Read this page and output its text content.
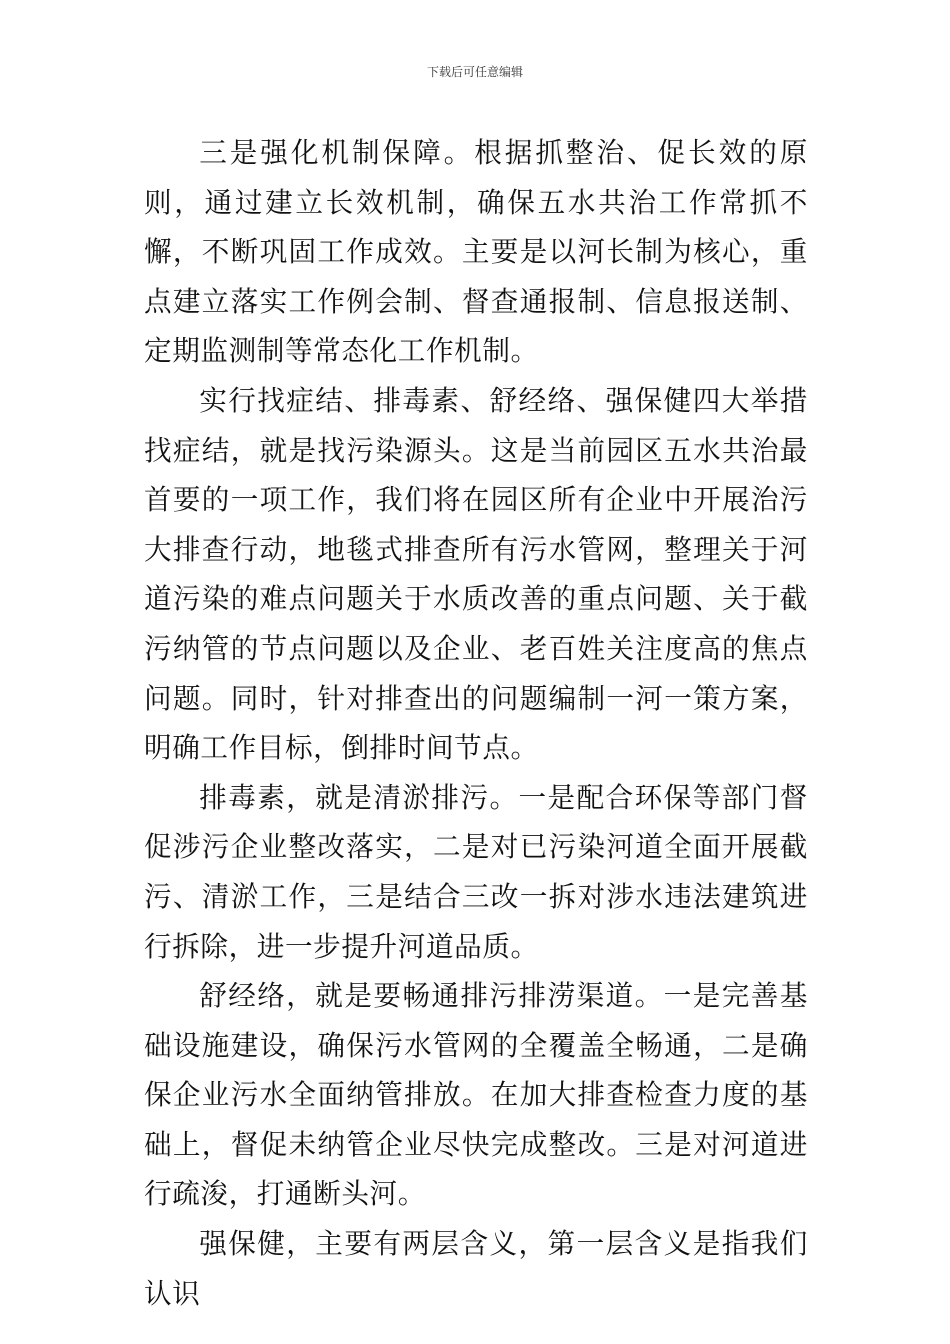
下载后可任意编辑

三是强化机制保障。根据抓整治、促长效的原则，通过建立长效机制，确保五水共治工作常抓不懈，不断巩固工作成效。主要是以河长制为核心，重点建立落实工作例会制、督查通报制、信息报送制、定期监测制等常态化工作机制。

实行找症结、排毒素、舒经络、强保健四大举措找症结，就是找污染源头。这是当前园区五水共治最首要的一项工作，我们将在园区所有企业中开展治污大排查行动，地毯式排查所有污水管网，整理关于河道污染的难点问题关于水质改善的重点问题、关于截污纳管的节点问题以及企业、老百姓关注度高的焦点问题。同时，针对排查出的问题编制一河一策方案，明确工作目标，倒排时间节点。

排毒素，就是清淤排污。一是配合环保等部门督促涉污企业整改落实，二是对已污染河道全面开展截污、清淤工作，三是结合三改一拆对涉水违法建筑进行拆除，进一步提升河道品质。

舒经络，就是要畅通排污排涝渠道。一是完善基础设施建设，确保污水管网的全覆盖全畅通，二是确保企业污水全面纳管排放。在加大排查检查力度的基础上，督促未纳管企业尽快完成整改。三是对河道进行疏浚，打通断头河。

强保健，主要有两层含义，第一层含义是指我们认识
